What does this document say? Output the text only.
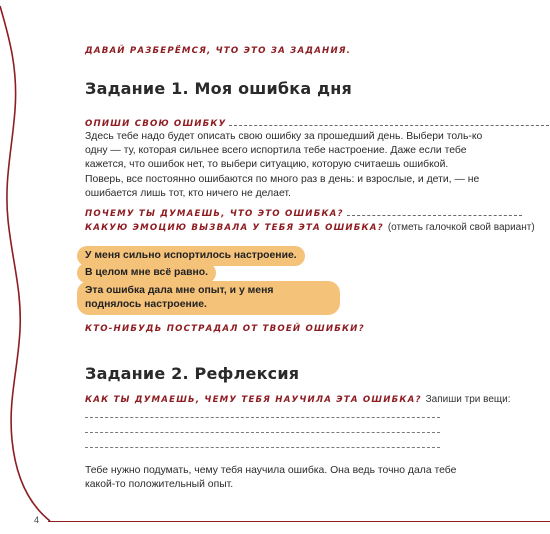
ДАВАЙ РАЗБЕРЁМСЯ, ЧТО ЭТО ЗА ЗАДАНИЯ.
Задание 1. Моя ошибка дня
ОПИШИ СВОЮ ОШИБКУ

Здесь тебе надо будет описать свою ошибку за прошедший день. Выбери толь-ко одну — ту, которая сильнее всего испортила тебе настроение. Даже если тебе кажется, что ошибок нет, то выбери ситуацию, которую считаешь ошибкой. Поверь, все постоянно ошибаются по много раз в день: и взрослые, и дети, — не ошибается лишь тот, кто ничего не делает.

ПОЧЕМУ ТЫ ДУМАЕШЬ, ЧТО ЭТО ОШИБКА?
КАКУЮ ЭМОЦИЮ ВЫЗВАЛА У ТЕБЯ ЭТА ОШИБКА? (отметь галочкой свой вариант)
У меня сильно испортилось настроение.
В целом мне всё равно.
Эта ошибка дала мне опыт, и у меня поднялось настроение.
КТО-НИБУДЬ ПОСТРАДАЛ ОТ ТВОЕЙ ОШИБКИ?
Задание 2. Рефлексия
КАК ТЫ ДУМАЕШЬ, ЧЕМУ ТЕБЯ НАУЧИЛА ЭТА ОШИБКА? Запиши три вещи:

Тебе нужно подумать, чему тебя научила ошибка. Она ведь точно дала тебе какой-то положительный опыт.

4
